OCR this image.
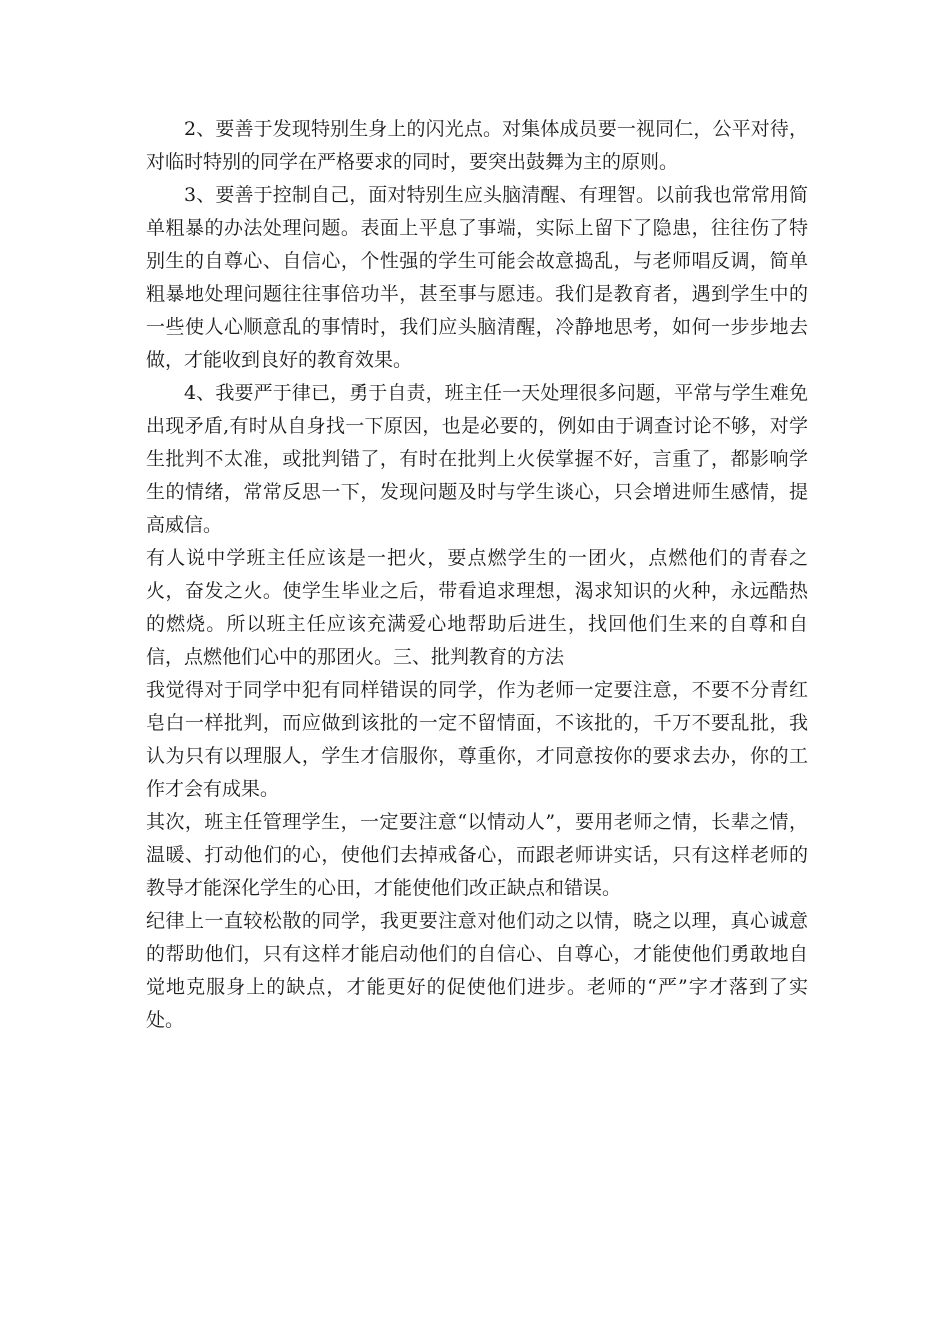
2、要善于发现特别生身上的闪光点。对集体成员要一视同仁，公平对待，对临时特别的同学在严格要求的同时，要突出鼓舞为主的原则。

3、要善于控制自己，面对特别生应头脑清醒、有理智。以前我也常常用简单粗暴的办法处理问题。表面上平息了事端，实际上留下了隐患，往往伤了特别生的自尊心、自信心，个性强的学生可能会故意捣乱，与老师唱反调，简单粗暴地处理问题往往事倍功半，甚至事与愿违。我们是教育者，遇到学生中的一些使人心顺意乱的事情时，我们应头脑清醒，冷静地思考，如何一步步地去做，才能收到良好的教育效果。

4、我要严于律已，勇于自责，班主任一天处理很多问题，平常与学生难免出现矛盾,有时从自身找一下原因，也是必要的，例如由于调查讨论不够，对学生批判不太准，或批判错了，有时在批判上火侯掌握不好，言重了，都影响学生的情绪，常常反思一下，发现问题及时与学生谈心，只会增进师生感情，提高威信。

有人说中学班主任应该是一把火，要点燃学生的一团火，点燃他们的青春之火，奋发之火。使学生毕业之后，带看追求理想，渴求知识的火种，永远酷热的燃烧。所以班主任应该充满爱心地帮助后进生，找回他们生来的自尊和自信，点燃他们心中的那团火。三、批判教育的方法

我觉得对于同学中犯有同样错误的同学，作为老师一定要注意，不要不分青红皂白一样批判，而应做到该批的一定不留情面，不该批的，千万不要乱批，我认为只有以理服人，学生才信服你，尊重你，才同意按你的要求去办，你的工作才会有成果。

其次，班主任管理学生，一定要注意“以情动人”，要用老师之情，长辈之情，温暖、打动他们的心，使他们去掉戒备心，而跟老师讲实话，只有这样老师的教导才能深化学生的心田，才能使他们改正缺点和错误。

纪律上一直较松散的同学，我更要注意对他们动之以情，晓之以理，真心诚意的帮助他们，只有这样才能启动他们的自信心、自尊心，才能使他们勇敢地自觉地克服身上的缺点，才能更好的促使他们进步。老师的“严”字才落到了实处。
